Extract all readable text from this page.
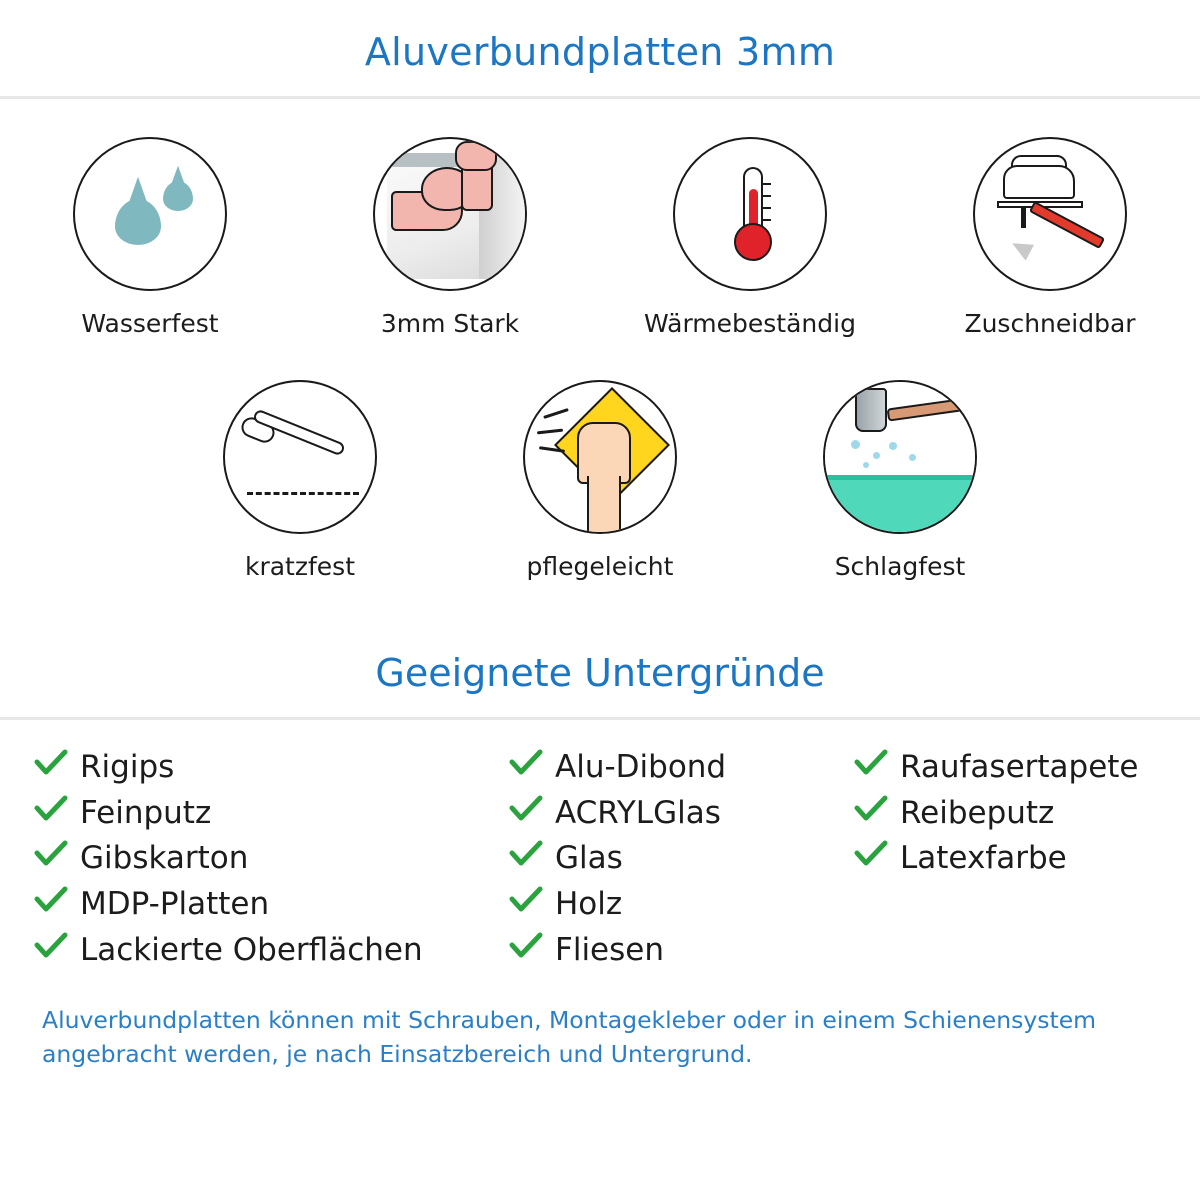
Aluverbundplatten 3mm
Wasserfest	3mm Stark	Wärmebeständig	Zuschneidbar
kratzfest	pflegeleicht	Schlagfest
Geeignete Untergründe
Rigips
Feinputz
Gibskarton
MDP-Platten
Lackierte Oberflächen
Alu-Dibond
ACRYLGlas
Glas
Holz
Fliesen
Raufasertapete
Reibeputz
Latexfarbe
Aluverbundplatten können mit Schrauben, Montagekleber oder in einem Schienensystem angebracht werden, je nach Einsatzbereich und Untergrund.
